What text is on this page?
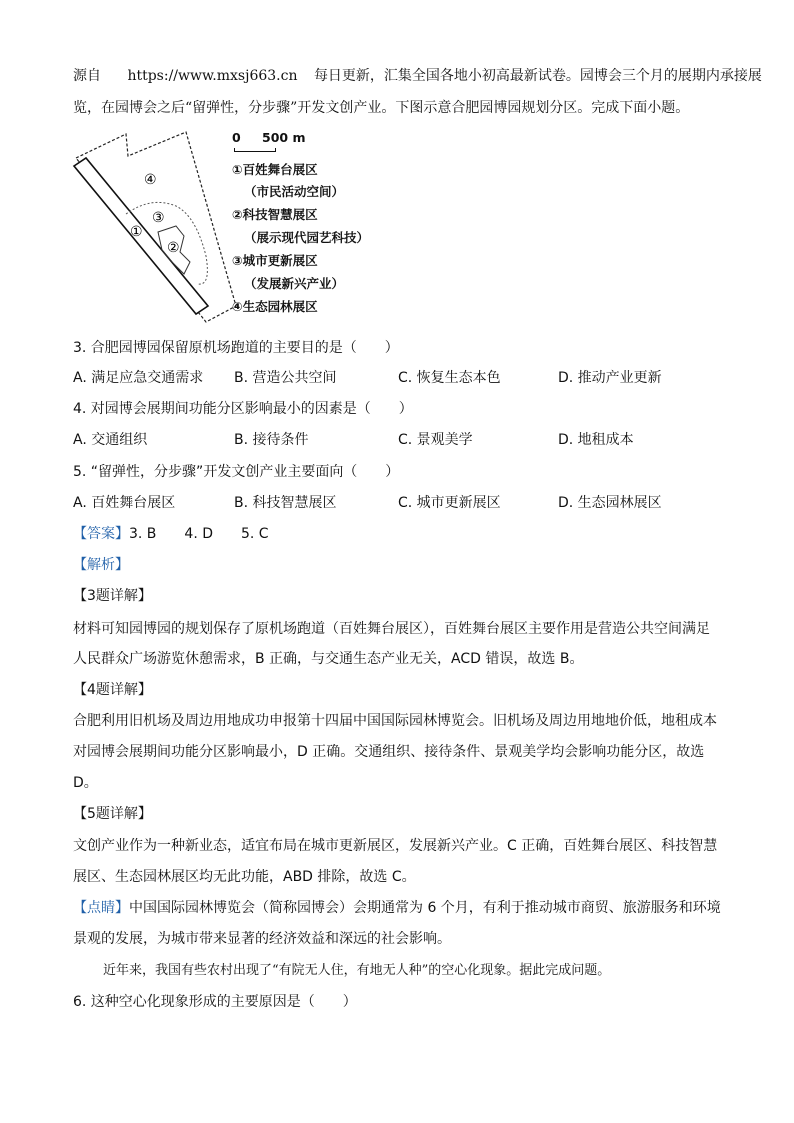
源自 https://www.mxsj663.cn 每日更新，汇集全国各地小初高最新试卷。园博会三个月的展期内承接展
览，在园博会之后“留弹性，分步骤”开发文创产业。下图示意合肥园博园规划分区。完成下面小题。
④
③
①
②
0 500 m
①百姓舞台展区
（市民活动空间）
②科技智慧展区
（展示现代园艺科技）
③城市更新展区
（发展新兴产业）
④生态园林展区
3. 合肥园博园保留原机场跑道的主要目的是（　　）
A. 满足应急交通需求 B. 营造公共空间	C. 恢复生态本色	D. 推动产业更新
4. 对园博会展期间功能分区影响最小的因素是（　　）
A. 交通组织	B. 接待条件	C. 景观美学	D. 地租成本
5. “留弹性，分步骤”开发文创产业主要面向（　　）
A. 百姓舞台展区	B. 科技智慧展区	C. 城市更新展区	D. 生态园林展区
【答案】3. B　　4. D　　5. C
【解析】
【3题详解】
材料可知园博园的规划保存了原机场跑道（百姓舞台展区），百姓舞台展区主要作用是营造公共空间满足
人民群众广场游览休憩需求，B 正确，与交通生态产业无关，ACD 错误，故选 B。
【4题详解】
合肥利用旧机场及周边用地成功申报第十四届中国国际园林博览会。旧机场及周边用地地价低，地租成本
对园博会展期间功能分区影响最小，D 正确。交通组织、接待条件、景观美学均会影响功能分区，故选
D。
【5题详解】
文创产业作为一种新业态，适宜布局在城市更新展区，发展新兴产业。C 正确，百姓舞台展区、科技智慧
展区、生态园林展区均无此功能，ABD 排除，故选 C。
【点睛】中国国际园林博览会（简称园博会）会期通常为 6 个月，有利于推动城市商贸、旅游服务和环境
景观的发展，为城市带来显著的经济效益和深远的社会影响。
近年来，我国有些农村出现了“有院无人住，有地无人种”的空心化现象。据此完成问题。
6. 这种空心化现象形成的主要原因是（　　）
